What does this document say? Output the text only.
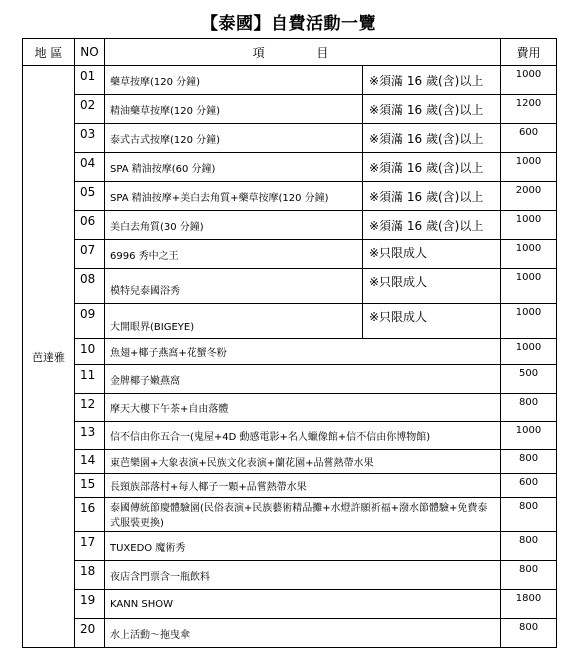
【泰國】自費活動一覽
地 區	NO	項 目		費用
芭達雅	01	藥草按摩(120 分鐘)	※須滿 16 歲(含)以上	1000
	02	精油藥草按摩(120 分鐘)	※須滿 16 歲(含)以上	1200
	03	泰式古式按摩(120 分鐘)	※須滿 16 歲(含)以上	600
	04	SPA 精油按摩(60 分鐘)	※須滿 16 歲(含)以上	1000
	05	SPA 精油按摩+美白去角質+藥草按摩(120 分鐘)	※須滿 16 歲(含)以上	2000
	06	美白去角質(30 分鐘)	※須滿 16 歲(含)以上	1000
	07	6996 秀中之王	※只限成人	1000
	08	模特兒泰國浴秀	※只限成人	1000
	09	大開眼界(BIGEYE)	※只限成人	1000
	10	魚翅+椰子燕窩+花蟹冬粉		1000
	11	金牌椰子嫩燕窩		500
	12	摩天大樓下午茶+自由落體		800
	13	信不信由你五合一(鬼屋+4D 動感電影+名人蠟像館+信不信由你博物館)		1000
	14	東芭樂園+大象表演+民族文化表演+蘭花園+品嘗熱帶水果		800
	15	長頸族部落村+每人椰子一顆+品嘗熱帶水果		600
	16	泰國傳統節慶體驗園(民俗表演+民族藝術精品攤+水燈許願祈福+潑水節體驗+免費泰式服裝更換)		800
	17	TUXEDO 魔術秀		800
	18	夜店含門票含一瓶飲料		800
	19	KANN SHOW		1800
	20	水上活動～拖曳傘		800
